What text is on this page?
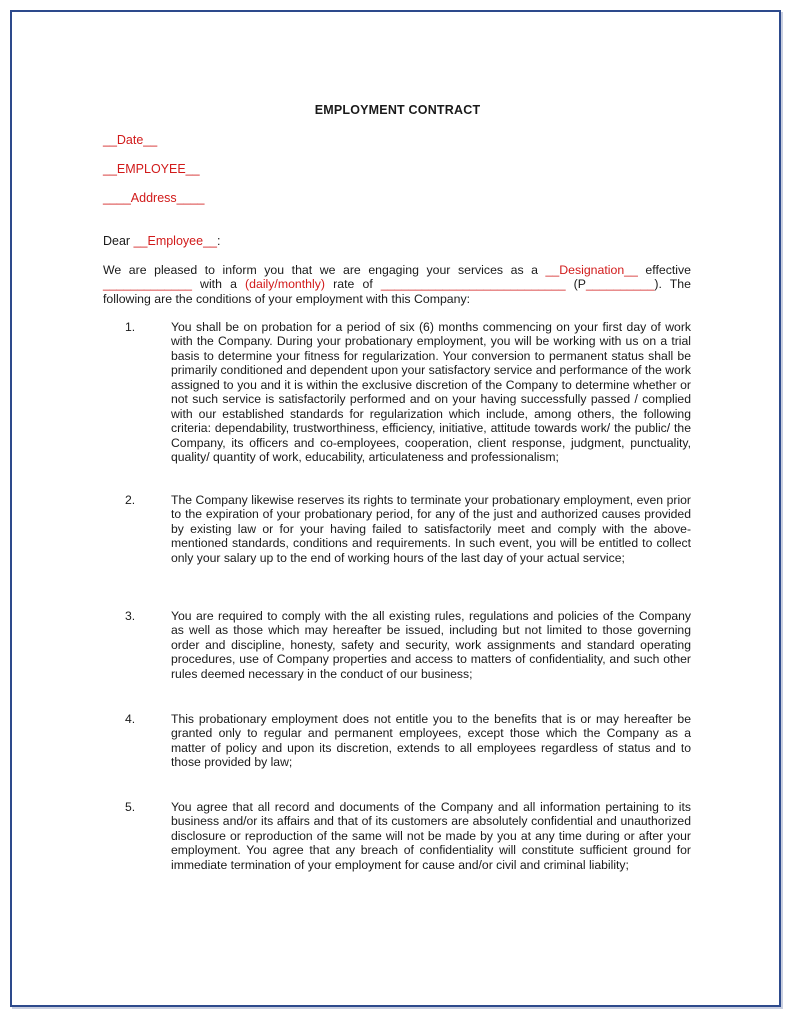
EMPLOYMENT CONTRACT
__Date__
__EMPLOYEE__
____Address____
Dear __Employee__:
We are pleased to inform you that we are engaging your services as a __Designation__ effective
_____________ with a (daily/monthly) rate of ___________________________ (P__________). The
following are the conditions of your employment with this Company:
1.	You shall be on probation for a period of six (6) months commencing on your first day of work with the Company. During your probationary employment, you will be working with us on a trial basis to determine your fitness for regularization. Your conversion to permanent status shall be primarily conditioned and dependent upon your satisfactory service and performance of the work assigned to you and it is within the exclusive discretion of the Company to determine whether or not such service is satisfactorily performed and on your having successfully passed / complied with our established standards for regularization which include, among others, the following criteria: dependability, trustworthiness, efficiency, initiative, attitude towards work/ the public/ the Company, its officers and co-employees, cooperation, client response, judgment, punctuality, quality/ quantity of work, educability, articulateness and professionalism;
2.	The Company likewise reserves its rights to terminate your probationary employment, even prior to the expiration of your probationary period, for any of the just and authorized causes provided by existing law or for your having failed to satisfactorily meet and comply with the above-mentioned standards, conditions and requirements. In such event, you will be entitled to collect only your salary up to the end of working hours of the last day of your actual service;
3.	You are required to comply with the all existing rules, regulations and policies of the Company as well as those which may hereafter be issued, including but not limited to those governing order and discipline, honesty, safety and security, work assignments and standard operating procedures, use of Company properties and access to matters of confidentiality, and such other rules deemed necessary in the conduct of our business;
4.	This probationary employment does not entitle you to the benefits that is or may hereafter be granted only to regular and permanent employees, except those which the Company as a matter of policy and upon its discretion, extends to all employees regardless of status and to those provided by law;
5.	You agree that all record and documents of the Company and all information pertaining to its business and/or its affairs and that of its customers are absolutely confidential and unauthorized disclosure or reproduction of the same will not be made by you at any time during or after your employment. You agree that any breach of confidentiality will constitute sufficient ground for immediate termination of your employment for cause and/or civil and criminal liability;
